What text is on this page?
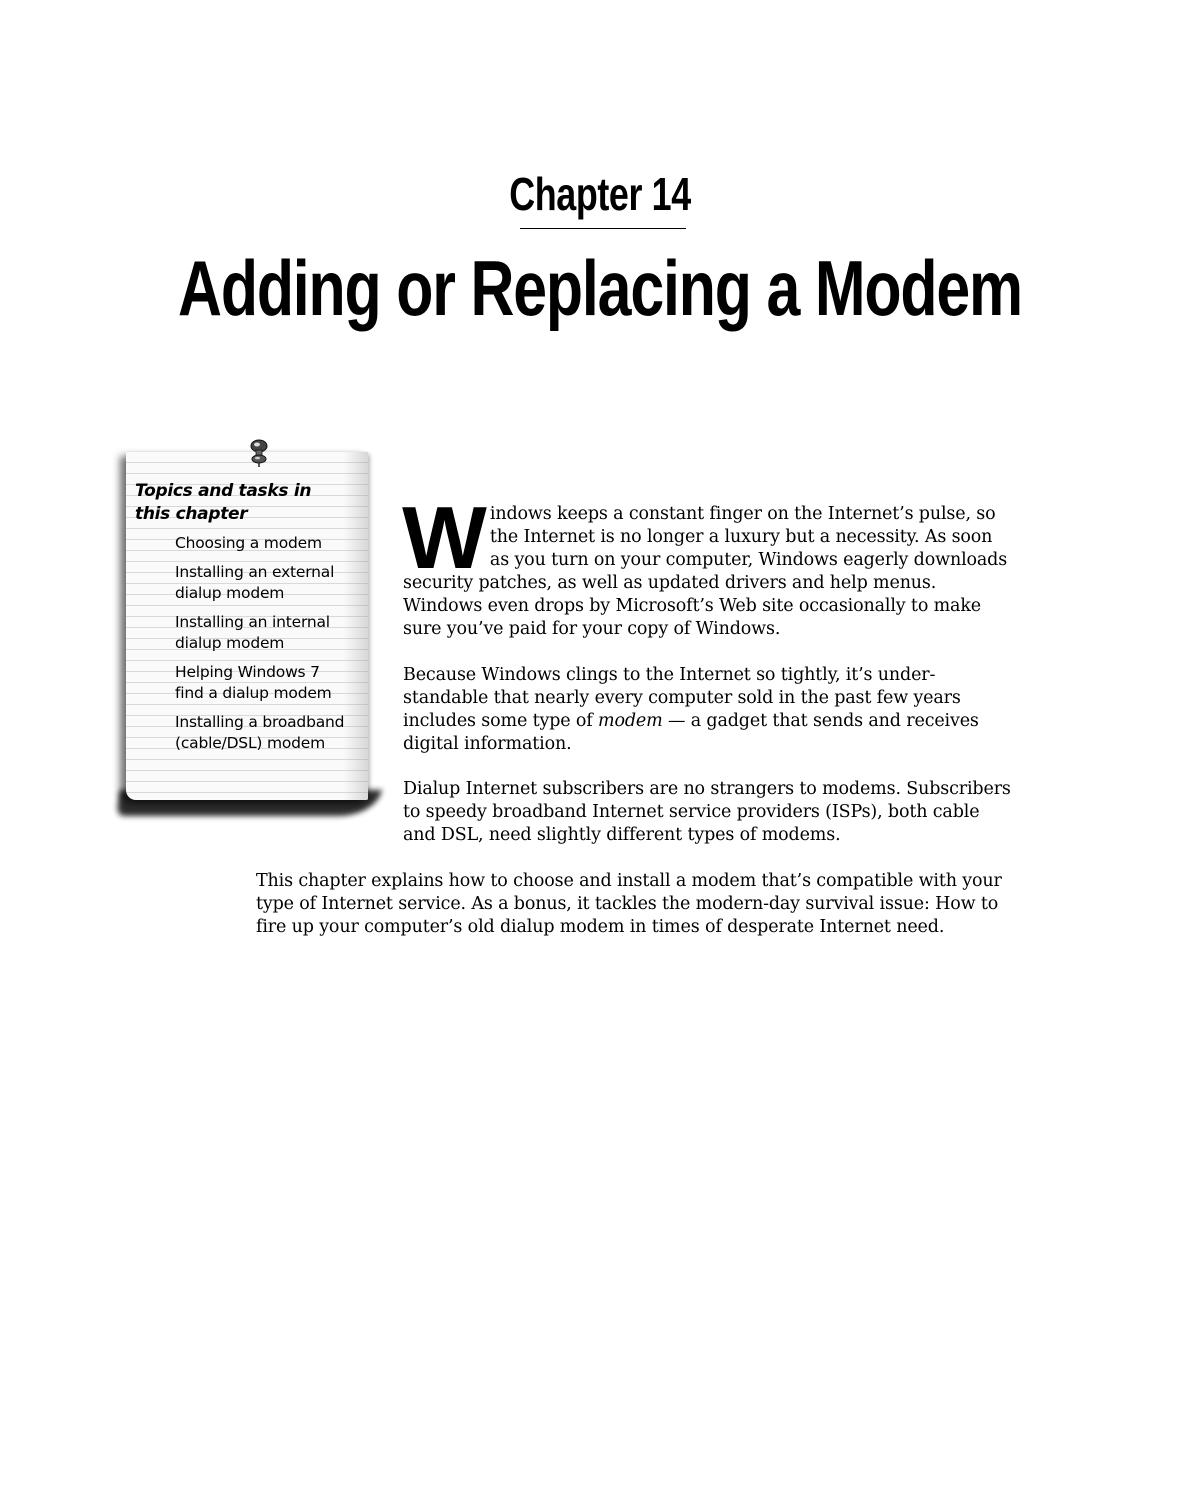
Chapter 14
Adding or Replacing a Modem
Topics and tasks in
this chapter
Choosing a modem
Installing an external
dialup modem
Installing an internal
dialup modem
Helping Windows 7
find a dialup modem
Installing a broadband
(cable/DSL) modem

Windows keeps a constant finger on the Internet’s pulse, so the Internet is no longer a luxury but a necessity. As soon as you turn on your computer, Windows eagerly downloads security patches, as well as updated drivers and help menus. Windows even drops by Microsoft’s Web site occasionally to make sure you’ve paid for your copy of Windows.

Because Windows clings to the Internet so tightly, it’s under-standable that nearly every computer sold in the past few years includes some type of modem — a gadget that sends and receives digital information.

Dialup Internet subscribers are no strangers to modems. Subscribers to speedy broadband Internet service providers (ISPs), both cable and DSL, need slightly different types of modems.

This chapter explains how to choose and install a modem that’s compatible with your type of Internet service. As a bonus, it tackles the modern-day survival issue: How to fire up your computer’s old dialup modem in times of desperate Internet need.
